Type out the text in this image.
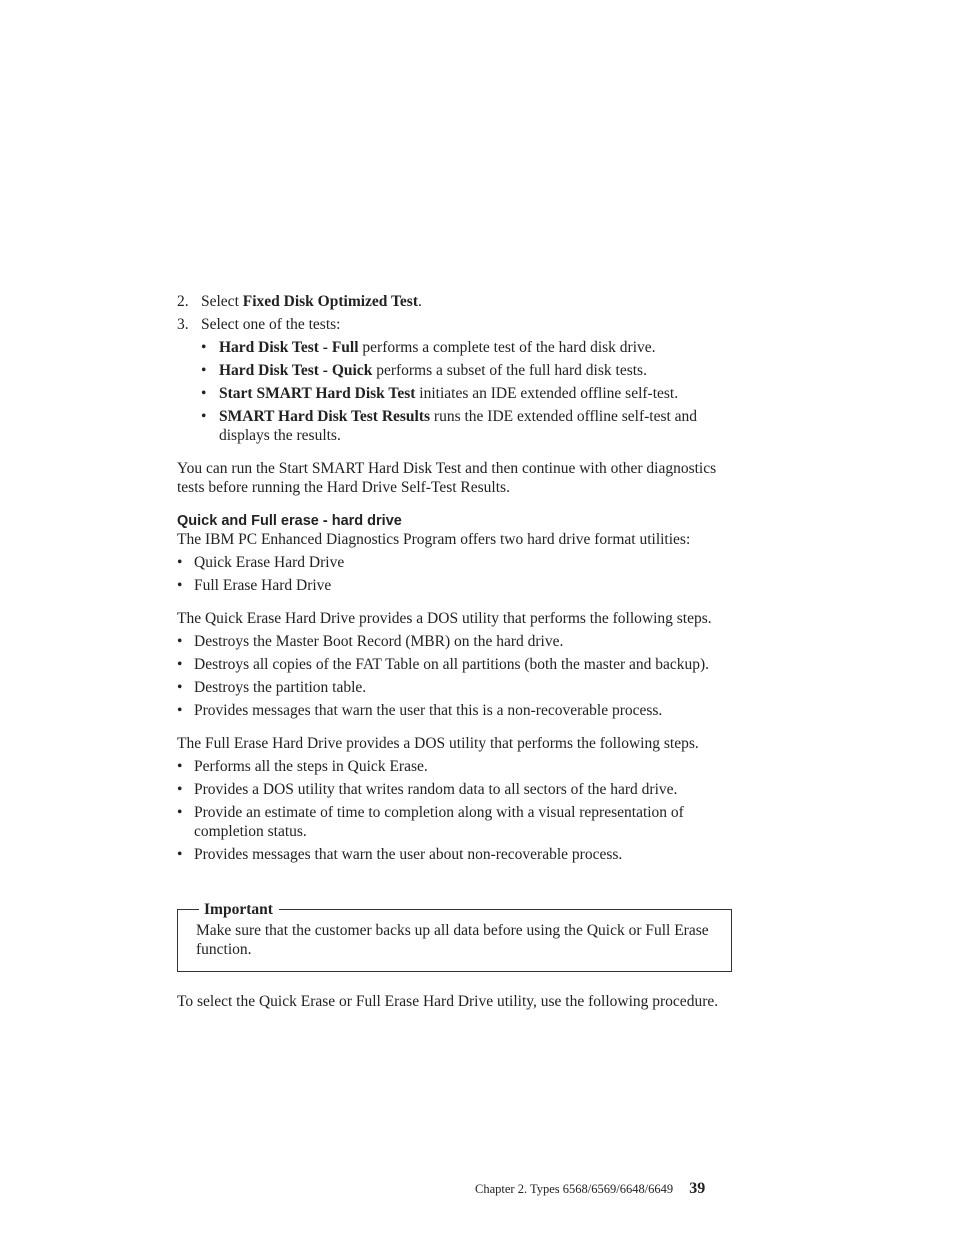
2. Select Fixed Disk Optimized Test.
3. Select one of the tests:
• Hard Disk Test - Full performs a complete test of the hard disk drive.
• Hard Disk Test - Quick performs a subset of the full hard disk tests.
• Start SMART Hard Disk Test initiates an IDE extended offline self-test.
• SMART Hard Disk Test Results runs the IDE extended offline self-test and displays the results.

You can run the Start SMART Hard Disk Test and then continue with other diagnostics tests before running the Hard Drive Self-Test Results.

Quick and Full erase - hard drive

The IBM PC Enhanced Diagnostics Program offers two hard drive format utilities:

• Quick Erase Hard Drive
• Full Erase Hard Drive

The Quick Erase Hard Drive provides a DOS utility that performs the following steps.

• Destroys the Master Boot Record (MBR) on the hard drive.
• Destroys all copies of the FAT Table on all partitions (both the master and backup).
• Destroys the partition table.
• Provides messages that warn the user that this is a non-recoverable process.

The Full Erase Hard Drive provides a DOS utility that performs the following steps.

• Performs all the steps in Quick Erase.
• Provides a DOS utility that writes random data to all sectors of the hard drive.
• Provide an estimate of time to completion along with a visual representation of completion status.
• Provides messages that warn the user about non-recoverable process.
Important

Make sure that the customer backs up all data before using the Quick or Full Erase function.

To select the Quick Erase or Full Erase Hard Drive utility, use the following procedure.

Chapter 2. Types 6568/6569/6648/6649 39
